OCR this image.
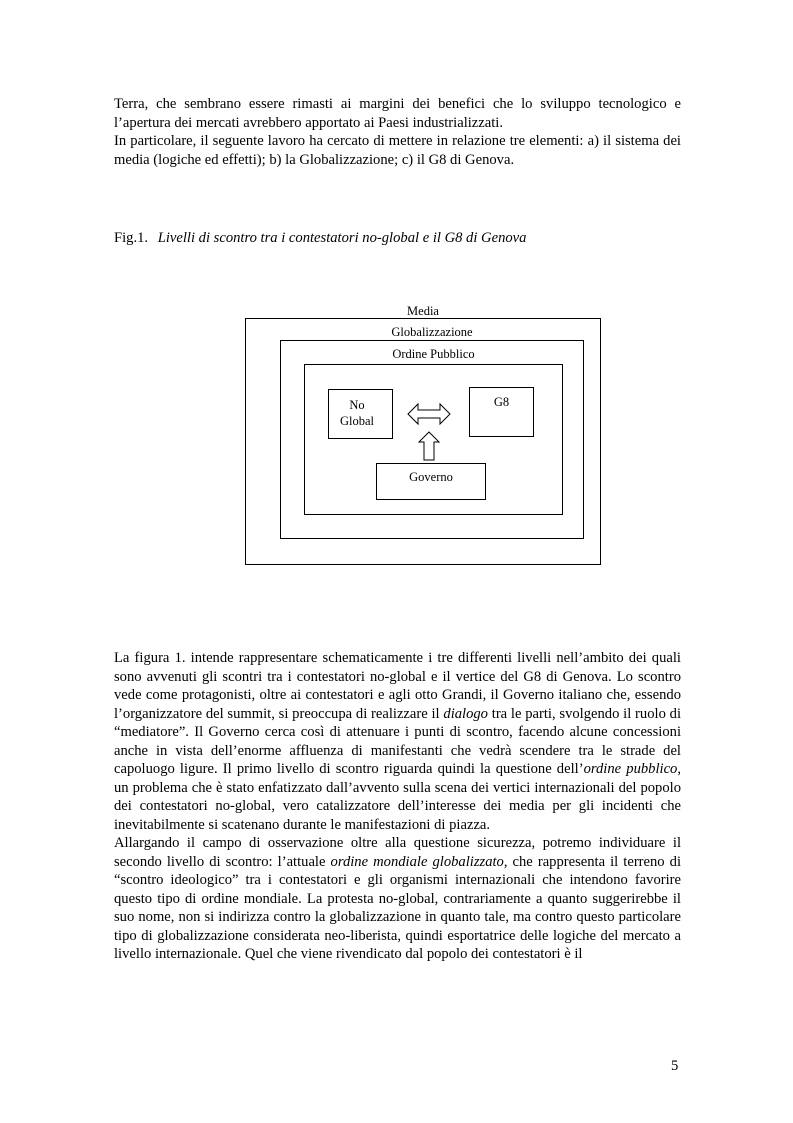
Terra, che sembrano essere rimasti ai margini dei benefici che lo sviluppo tecnologico e l’apertura dei mercati avrebbero apportato ai Paesi industrializzati.
In particolare, il seguente lavoro ha cercato di mettere in relazione tre elementi: a) il sistema dei media (logiche ed effetti); b) la Globalizzazione; c) il G8 di Genova.

Fig.1. Livelli di scontro tra i contestatori no-global e il G8 di Genova
Media
Globalizzazione
Ordine Pubblico
No
Global
G8
Governo

La figura 1. intende rappresentare schematicamente i tre differenti livelli nell’ambito dei quali sono avvenuti gli scontri tra i contestatori no-global e il vertice del G8 di Genova. Lo scontro vede come protagonisti, oltre ai contestatori e agli otto Grandi, il Governo italiano che, essendo l’organizzatore del summit, si preoccupa di realizzare il dialogo tra le parti, svolgendo il ruolo di “mediatore”. Il Governo cerca così di attenuare i punti di scontro, facendo alcune concessioni anche in vista dell’enorme affluenza di manifestanti che vedrà scendere tra le strade del capoluogo ligure. Il primo livello di scontro riguarda quindi la questione dell’ordine pubblico, un problema che è stato enfatizzato dall’avvento sulla scena dei vertici internazionali del popolo dei contestatori no-global, vero catalizzatore dell’interesse dei media per gli incidenti che inevitabilmente si scatenano durante le manifestazioni di piazza.
Allargando il campo di osservazione oltre alla questione sicurezza, potremo individuare il secondo livello di scontro: l’attuale ordine mondiale globalizzato, che rappresenta il terreno di “scontro ideologico” tra i contestatori e gli organismi internazionali che intendono favorire questo tipo di ordine mondiale. La protesta no-global, contrariamente a quanto suggerirebbe il suo nome, non si indirizza contro la globalizzazione in quanto tale, ma contro questo particolare tipo di globalizzazione considerata neo-liberista, quindi esportatrice delle logiche del mercato a livello internazionale. Quel che viene rivendicato dal popolo dei contestatori è il

5
